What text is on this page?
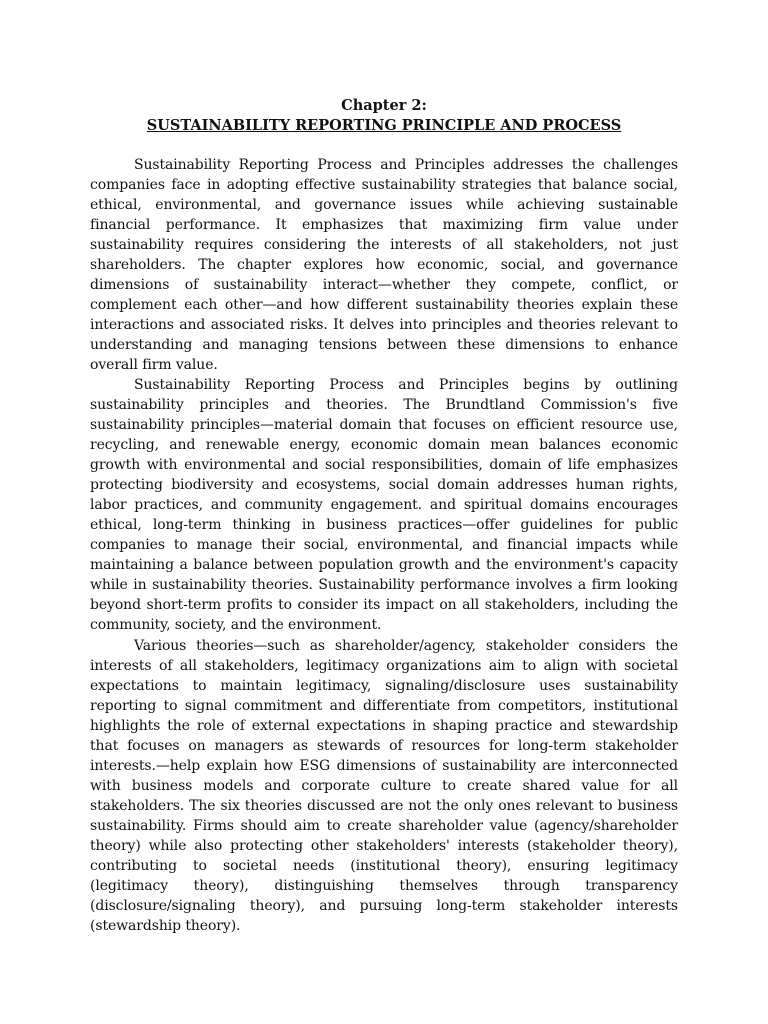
Chapter 2:
SUSTAINABILITY REPORTING PRINCIPLE AND PROCESS

Sustainability Reporting Process and Principles addresses the challenges companies face in adopting effective sustainability strategies that balance social, ethical, environmental, and governance issues while achieving sustainable financial performance. It emphasizes that maximizing firm value under sustainability requires considering the interests of all stakeholders, not just shareholders. The chapter explores how economic, social, and governance dimensions of sustainability interact—whether they compete, conflict, or complement each other—and how different sustainability theories explain these interactions and associated risks. It delves into principles and theories relevant to understanding and managing tensions between these dimensions to enhance overall firm value.

Sustainability Reporting Process and Principles begins by outlining sustainability principles and theories. The Brundtland Commission's five sustainability principles—material domain that focuses on efficient resource use, recycling, and renewable energy, economic domain mean balances economic growth with environmental and social responsibilities, domain of life emphasizes protecting biodiversity and ecosystems, social domain addresses human rights, labor practices, and community engagement. and spiritual domains encourages ethical, long-term thinking in business practices—offer guidelines for public companies to manage their social, environmental, and financial impacts while maintaining a balance between population growth and the environment's capacity while in sustainability theories. Sustainability performance involves a firm looking beyond short-term profits to consider its impact on all stakeholders, including the community, society, and the environment.

Various theories—such as shareholder/agency, stakeholder considers the interests of all stakeholders, legitimacy organizations aim to align with societal expectations to maintain legitimacy, signaling/disclosure uses sustainability reporting to signal commitment and differentiate from competitors, institutional highlights the role of external expectations in shaping practice and stewardship that focuses on managers as stewards of resources for long-term stakeholder interests.—help explain how ESG dimensions of sustainability are interconnected with business models and corporate culture to create shared value for all stakeholders. The six theories discussed are not the only ones relevant to business sustainability. Firms should aim to create shareholder value (agency/shareholder theory) while also protecting other stakeholders' interests (stakeholder theory), contributing to societal needs (institutional theory), ensuring legitimacy (legitimacy theory), distinguishing themselves through transparency (disclosure/signaling theory), and pursuing long-term stakeholder interests (stewardship theory).
